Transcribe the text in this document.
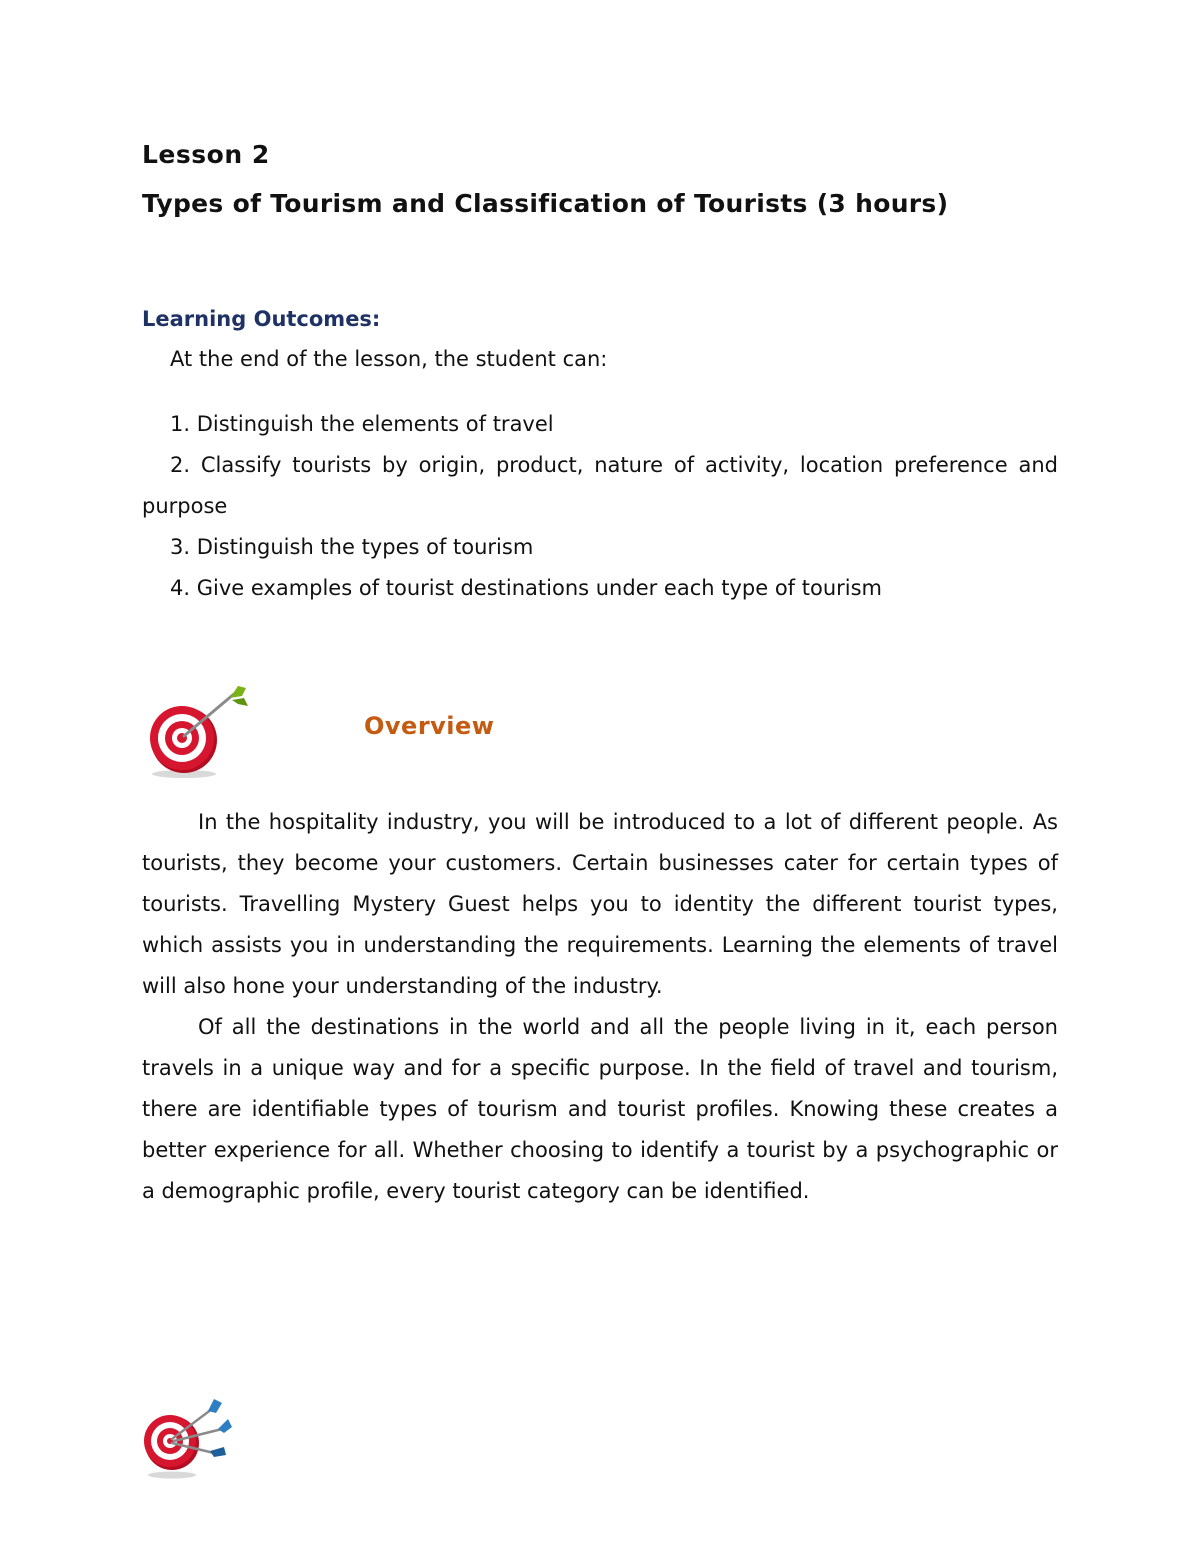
Lesson 2
Types of Tourism and Classification of Tourists (3 hours)
Learning Outcomes:
At the end of the lesson, the student can:
1. Distinguish the elements of travel
2. Classify tourists by origin, product, nature of activity, location preference and purpose
3. Distinguish the types of tourism
4. Give examples of tourist destinations under each type of tourism
Overview

In the hospitality industry, you will be introduced to a lot of different people. As tourists, they become your customers. Certain businesses cater for certain types of tourists. Travelling Mystery Guest helps you to identity the different tourist types, which assists you in understanding the requirements. Learning the elements of travel will also hone your understanding of the industry.

Of all the destinations in the world and all the people living in it, each person travels in a unique way and for a specific purpose. In the field of travel and tourism, there are identifiable types of tourism and tourist profiles. Knowing these creates a better experience for all. Whether choosing to identify a tourist by a psychographic or a demographic profile, every tourist category can be identified.
